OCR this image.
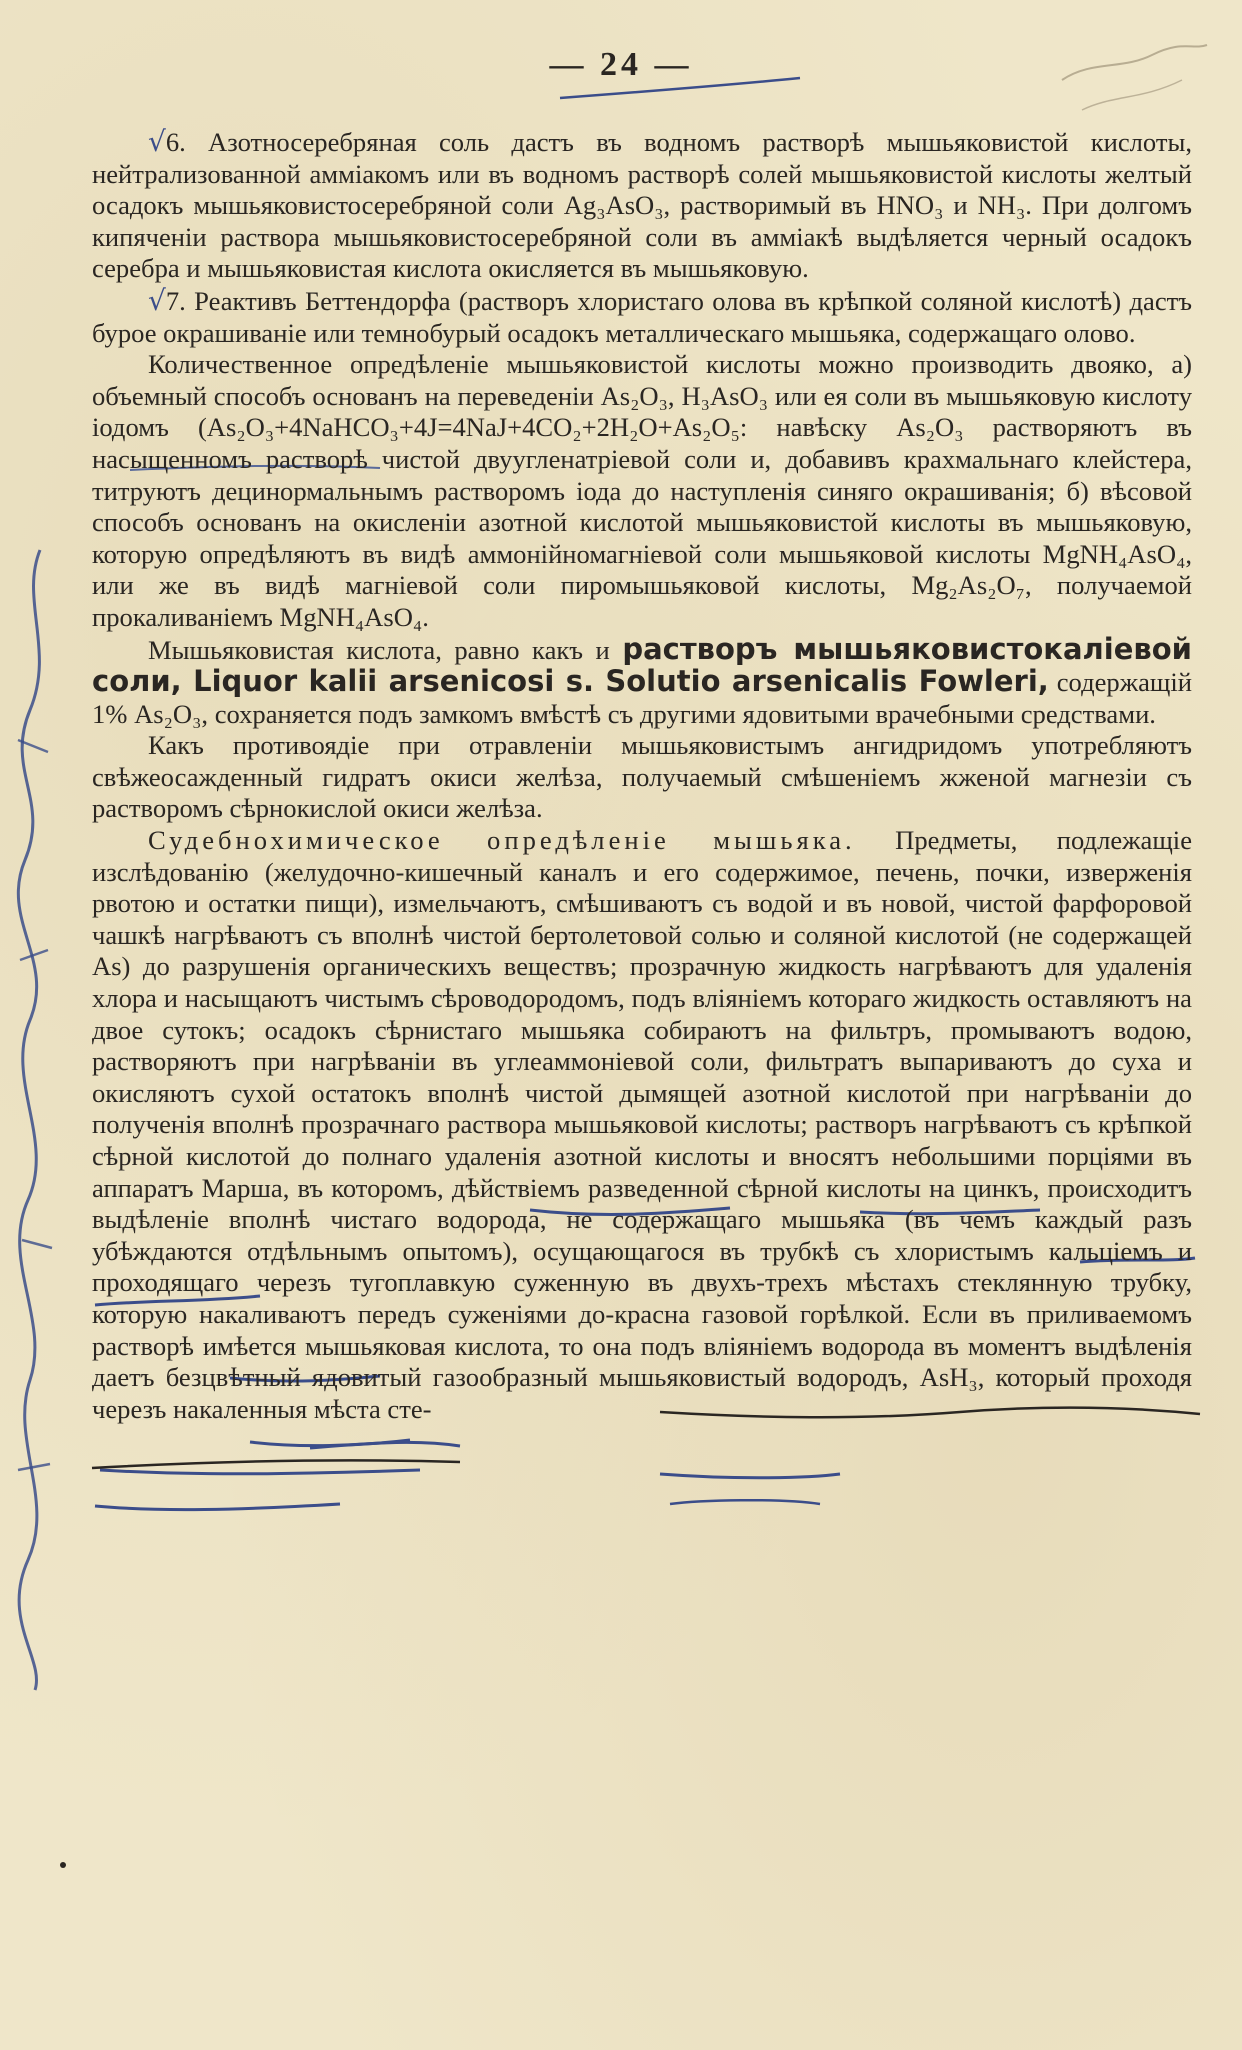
— 24 —

√6. Азотносеребряная соль дастъ въ водномъ растворѣ мышьяковистой кислоты, нейтрализованной амміакомъ или въ водномъ растворѣ солей мышьяковистой кислоты желтый осадокъ мышьяковистосеребряной соли Ag₃AsO₃, растворимый въ HNO₃ и NH₃. При долгомъ кипяченіи раствора мышьяковистосеребряной соли въ амміакѣ выдѣляется черный осадокъ серебра и мышьяковистая кислота окисляется въ мышьяковую.

√7. Реактивъ Беттендорфа (растворъ хлористаго олова въ крѣпкой соляной кислотѣ) дастъ бурое окрашиваніе или темнобурый осадокъ металлическаго мышьяка, содержащаго олово.

Количественное опредѣленіе мышьяковистой кислоты можно производить двояко, а) объемный способъ основанъ на переведеніи As₂O₃, H₃AsO₃ или ея соли въ мышьяковую кислоту іодомъ (As₂O₃+4NaHCO₃+4J=4NaJ+4CO₂+2H₂O+As₂O₅: навѣску As₂O₃ растворяютъ въ насыщенномъ растворѣ чистой двуугленатріевой соли и, добавивъ крахмальнаго клейстера, титруютъ децинормальнымъ растворомъ іода до наступленія синяго окрашиванія; б) вѣсовой способъ основанъ на окисленіи азотной кислотой мышьяковистой кислоты въ мышьяковую, которую опредѣляютъ въ видѣ аммонійномагніевой соли мышьяковой кислоты MgNH₄AsO₄, или же въ видѣ магніевой соли пиромышьяковой кислоты, Mg₂As₂O₇, получаемой прокаливаніемъ MgNH₄AsO₄.

Мышьяковистая кислота, равно какъ и растворъ мышьяковистокаліевой соли, Liquor kalii arsenicosi s. Solutio arsenicalis Fowleri, содержащій 1% As₂O₃, сохраняется подъ замкомъ вмѣстѣ съ другими ядовитыми врачебными средствами.

Какъ противоядіе при отравленіи мышьяковистымъ ангидридомъ употребляютъ свѣжеосажденный гидратъ окиси желѣза, получаемый смѣшеніемъ жженой магнезіи съ растворомъ сѣрнокислой окиси желѣза.

Судебнохимическое опредѣленіе мышьяка. Предметы, подлежащіе изслѣдованію (желудочно-кишечный каналъ и его содержимое, печень, почки, изверженія рвотою и остатки пищи), измельчаютъ, смѣшиваютъ съ водой и въ новой, чистой фарфоровой чашкѣ нагрѣваютъ съ вполнѣ чистой бертолетовой солью и соляной кислотой (не содержащей As) до разрушенія органическихъ веществъ; прозрачную жидкость нагрѣваютъ для удаленія хлора и насыщаютъ чистымъ сѣроводородомъ, подъ вліяніемъ котораго жидкость оставляютъ на двое сутокъ; осадокъ сѣрнистаго мышьяка собираютъ на фильтръ, промываютъ водою, растворяютъ при нагрѣваніи въ углеаммоніевой соли, фильтратъ выпариваютъ до суха и окисляютъ сухой остатокъ вполнѣ чистой дымящей азотной кислотой при нагрѣваніи до полученія вполнѣ прозрачнаго раствора мышьяковой кислоты; растворъ нагрѣваютъ съ крѣпкой сѣрной кислотой до полнаго удаленія азотной кислоты и вносятъ небольшими порціями въ аппаратъ Марша, въ которомъ, дѣйствіемъ разведенной сѣрной кислоты на цинкъ, происходитъ выдѣленіе вполнѣ чистаго водорода, не содержащаго мышьяка (въ чемъ каждый разъ убѣждаются отдѣльнымъ опытомъ), осущающагося въ трубкѣ съ хлористымъ кальціемъ и проходящаго черезъ тугоплавкую суженную въ двухъ-трехъ мѣстахъ стеклянную трубку, которую накаливаютъ передъ суженіями до-красна газовой горѣлкой. Если въ приливаемомъ растворѣ имѣется мышьяковая кислота, то она подъ вліяніемъ водорода въ моментъ выдѣленія даетъ безцвѣтный ядовитый газообразный мышьяковистый водородъ, AsH₃, который проходя черезъ накаленныя мѣста сте-
